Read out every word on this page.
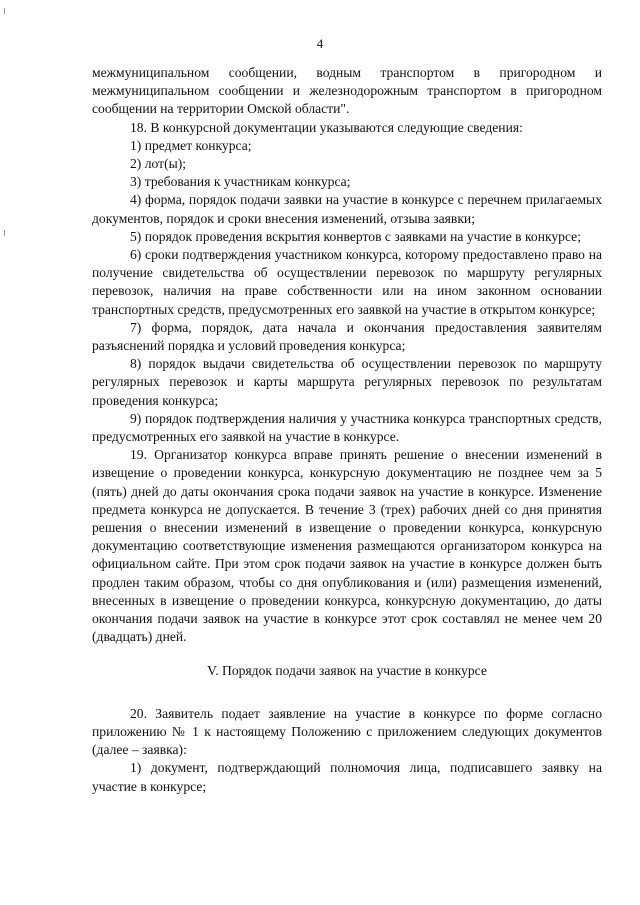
4

межмуниципальном сообщении, водным транспортом в пригородном и межмуниципальном сообщении и железнодорожным транспортом в пригородном сообщении на территории Омской области".

18. В конкурсной документации указываются следующие сведения:

1) предмет конкурса;

2) лот(ы);

3) требования к участникам конкурса;

4) форма, порядок подачи заявки на участие в конкурсе с перечнем прилагаемых документов, порядок и сроки внесения изменений, отзыва заявки;

5) порядок проведения вскрытия конвертов с заявками на участие в конкурсе;

6) сроки подтверждения участником конкурса, которому предоставлено право на получение свидетельства об осуществлении перевозок по маршруту регулярных перевозок, наличия на праве собственности или на ином законном основании транспортных средств, предусмотренных его заявкой на участие в открытом конкурсе;

7) форма, порядок, дата начала и окончания предоставления заявителям разъяснений порядка и условий проведения конкурса;

8) порядок выдачи свидетельства об осуществлении перевозок по маршруту регулярных перевозок и карты маршрута регулярных перевозок по результатам проведения конкурса;

9) порядок подтверждения наличия у участника конкурса транспортных средств, предусмотренных его заявкой на участие в конкурсе.

19. Организатор конкурса вправе принять решение о внесении изменений в извещение о проведении конкурса, конкурсную документацию не позднее чем за 5 (пять) дней до даты окончания срока подачи заявок на участие в конкурсе. Изменение предмета конкурса не допускается. В течение 3 (трех) рабочих дней со дня принятия решения о внесении изменений в извещение о проведении конкурса, конкурсную документацию соответствующие изменения размещаются организатором конкурса на официальном сайте. При этом срок подачи заявок на участие в конкурсе должен быть продлен таким образом, чтобы со дня опубликования и (или) размещения изменений, внесенных в извещение о проведении конкурса, конкурсную документацию, до даты окончания подачи заявок на участие в конкурсе этот срок составлял не менее чем 20 (двадцать) дней.

V. Порядок подачи заявок на участие в конкурсе

20. Заявитель подает заявление на участие в конкурсе по форме согласно приложению № 1 к настоящему Положению с приложением следующих документов (далее – заявка):

1) документ, подтверждающий полномочия лица, подписавшего заявку на участие в конкурсе;
